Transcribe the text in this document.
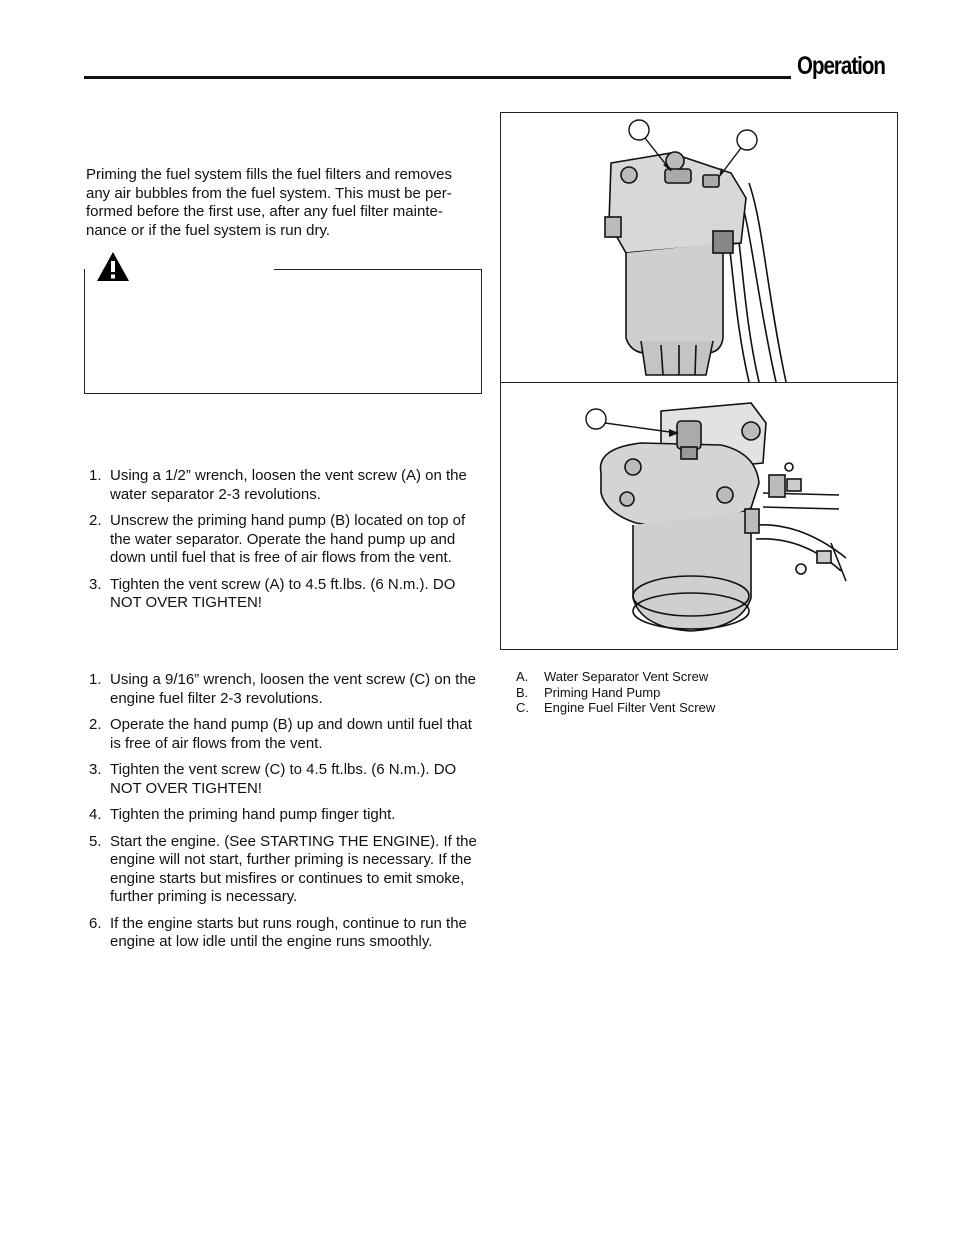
Operation

Priming the fuel system fills the fuel filters and removes any air bubbles from the fuel system. This must be per-formed before the first use, after any fuel filter mainte-nance or if the fuel system is run dry.

1. Using a 1/2” wrench, loosen the vent screw (A) on the water separator 2-3 revolutions.
2. Unscrew the priming hand pump (B) located on top of the water separator. Operate the hand pump up and down until fuel that is free of air flows from the vent.
3. Tighten the vent screw (A) to 4.5 ft.lbs. (6 N.m.). DO NOT OVER TIGHTEN!
1. Using a 9/16” wrench, loosen the vent screw (C) on the engine fuel filter 2-3 revolutions.
2. Operate the hand pump (B) up and down until fuel that is free of air flows from the vent.
3. Tighten the vent screw (C) to 4.5 ft.lbs. (6 N.m.). DO NOT OVER TIGHTEN!
4. Tighten the priming hand pump finger tight.
5. Start the engine. (See STARTING THE ENGINE). If the engine will not start, further priming is necessary. If the engine starts but misfires or continues to emit smoke, further priming is necessary.
6. If the engine starts but runs rough, continue to run the engine at low idle until the engine runs smoothly.
A.	Water Separator Vent Screw
B.	Priming Hand Pump
C.	Engine Fuel Filter Vent Screw
